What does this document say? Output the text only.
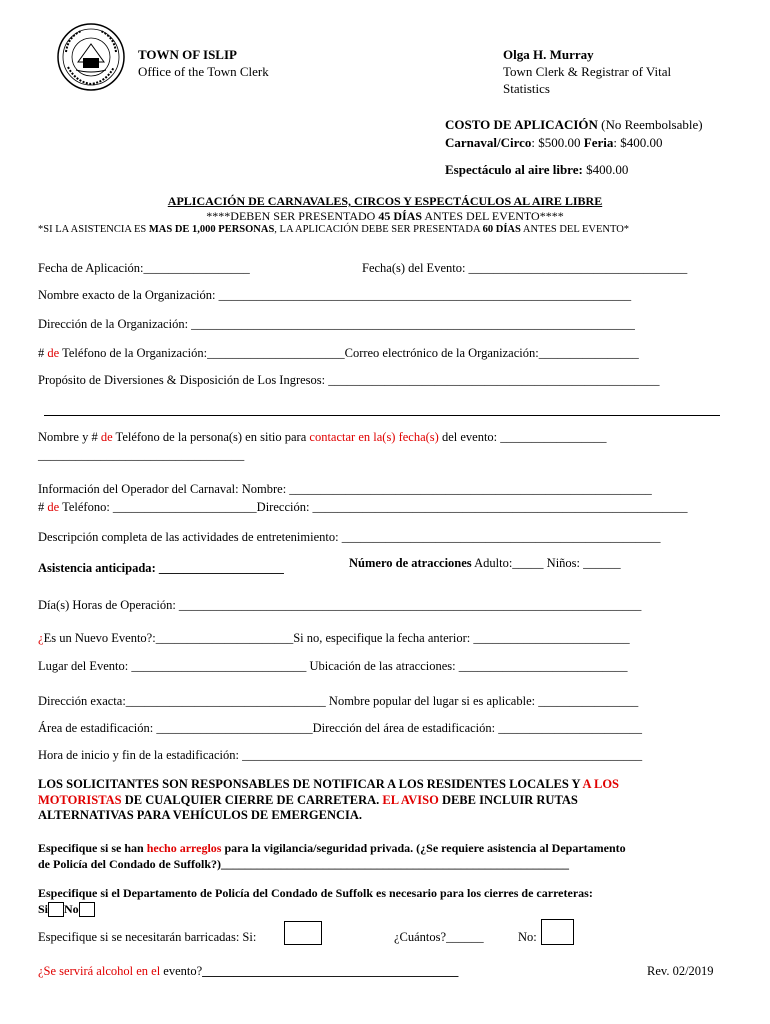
TOWN OF ISLIP
Office of the Town Clerk
Olga H. Murray
Town Clerk & Registrar of Vital
Statistics
COSTO DE APLICACIÓN (No Reembolsable)
Carnaval/Circo: $500.00 Feria: $400.00
Espectáculo al aire libre: $400.00
APLICACIÓN DE CARNAVALES, CIRCOS Y ESPECTÁCULOS AL AIRE LIBRE
****DEBEN SER PRESENTADO 45 DÍAS ANTES DEL EVENTO****
*SI LA ASISTENCIA ES MAS DE 1,000 PERSONAS, LA APLICACIÓN DEBE SER PRESENTADA 60 DÍAS ANTES DEL EVENTO*
Fecha de Aplicación:_________________	Fecha(s) del Evento: ___________________________________
Nombre exacto de la Organización: __________________________________________________________________
Dirección de la Organización: _______________________________________________________________________
# de Teléfono de la Organización:______________________Correo electrónico de la Organización:________________
Propósito de Diversiones & Disposición de Los Ingresos: _____________________________________________________
Nombre y # de Teléfono de la persona(s) en sitio para contactar en la(s) fecha(s) del evento: _________________
_________________________________
Información del Operador del Carnaval: Nombre: __________________________________________________________
# de Teléfono: _______________________Dirección: ____________________________________________________________
Descripción completa de las actividades de entretenimiento: ___________________________________________________
Asistencia anticipada: ____________________	Número de atracciones Adulto:_____ Niños: ______
Día(s) Horas de Operación: __________________________________________________________________________
¿Es un Nuevo Evento?:______________________Si no, especifique la fecha anterior: _________________________
Lugar del Evento: ____________________________ Ubicación de las atracciones: ___________________________
Dirección exacta:________________________________ Nombre popular del lugar si es aplicable: ________________
Área de estadificación: _________________________Dirección del área de estadificación: _______________________
Hora de inicio y fin de la estadificación: ________________________________________________________________
LOS SOLICITANTES SON RESPONSABLES DE NOTIFICAR A LOS RESIDENTES LOCALES Y A LOS
MOTORISTAS DE CUALQUIER CIERRE DE CARRETERA. EL AVISO DEBE INCLUIR RUTAS
ALTERNATIVAS PARA VEHÍCULOS DE EMERGENCIA.
Especifique si se han hecho arreglos para la vigilancia/seguridad privada. (¿Se requiere asistencia al Departamento
de Policía del Condado de Suffolk?)__________________________________________________________
Especifique si el Departamento de Policía del Condado de Suffolk es necesario para los cierres de carreteras:
Si No
Especifique si se necesitarán barricadas: Si:	¿Cuántos?______	No:
¿Se servirá alcohol en el evento?_________________________________________	Rev. 02/2019
